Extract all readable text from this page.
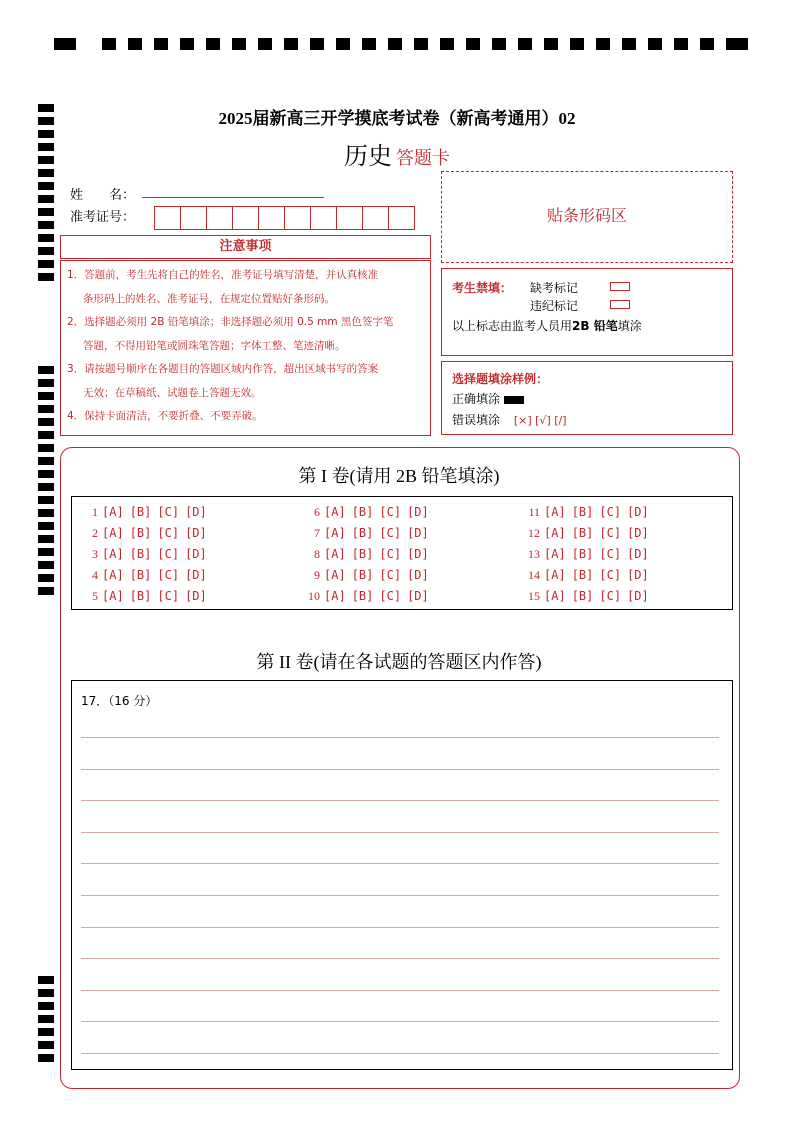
2025届新高三开学摸底考试卷（新高考通用）02
历史 答题卡
姓　　名：
准考证号：
注意事项
1．答题前，考生先将自己的姓名，准考证号填写清楚，并认真核准
条形码上的姓名、准考证号，在规定位置贴好条形码。
2．选择题必须用 2B 铅笔填涂；非选择题必须用 0.5 mm 黑色签字笔
答题，不得用铅笔或圆珠笔答题；字体工整、笔迹清晰。
3．请按题号顺序在各题目的答题区域内作答，超出区域书写的答案
无效；在草稿纸、试题卷上答题无效。
4．保持卡面清洁，不要折叠、不要弄破。
贴条形码区
考生禁填： 缺考标记
违纪标记
以上标志由监考人员用2B 铅笔填涂
选择题填涂样例：
正确填涂
错误填涂 [×] [√] [/]
第 I 卷(请用 2B 铅笔填涂)
1 [A] [B] [C] [D]
2 [A] [B] [C] [D]
3 [A] [B] [C] [D]
4 [A] [B] [C] [D]
5 [A] [B] [C] [D]
6 [A] [B] [C] [D]
7 [A] [B] [C] [D]
8 [A] [B] [C] [D]
9 [A] [B] [C] [D]
10 [A] [B] [C] [D]
11 [A] [B] [C] [D]
12 [A] [B] [C] [D]
13 [A] [B] [C] [D]
14 [A] [B] [C] [D]
15 [A] [B] [C] [D]
第 II 卷(请在各试题的答题区内作答)
17．（16 分）
